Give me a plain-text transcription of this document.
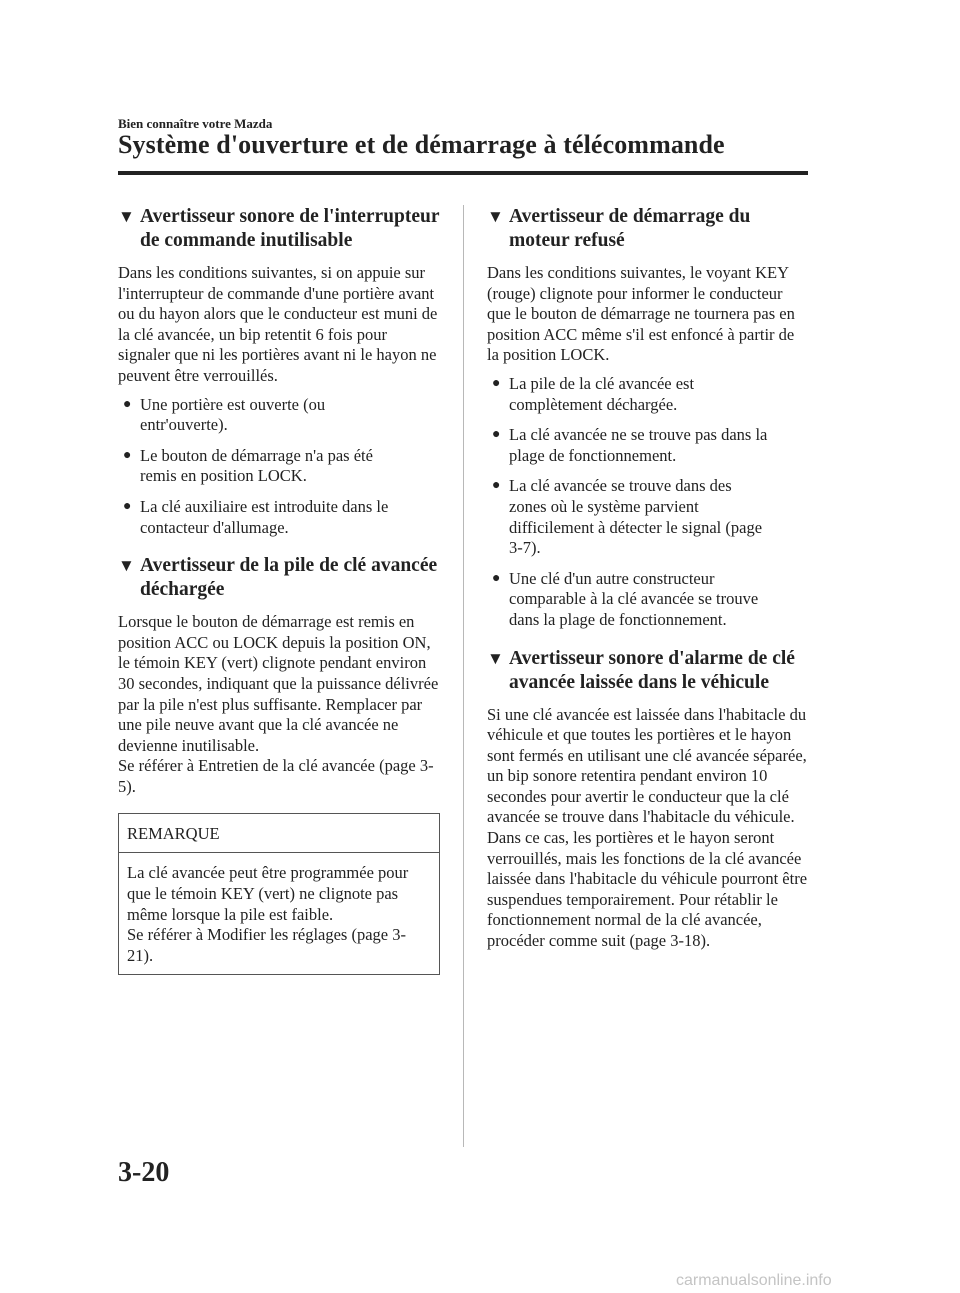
Bien connaître votre Mazda
Système d'ouverture et de démarrage à télécommande
▼ Avertisseur sonore de l'interrupteur de commande inutilisable

Dans les conditions suivantes, si on appuie sur l'interrupteur de commande d'une portière avant ou du hayon alors que le conducteur est muni de la clé avancée, un bip retentit 6 fois pour signaler que ni les portières avant ni le hayon ne peuvent être verrouillés.

● Une portière est ouverte (ou
entr'ouverte).
● Le bouton de démarrage n'a pas été
remis en position LOCK.
● La clé auxiliaire est introduite dans le
contacteur d'allumage.
▼ Avertisseur de la pile de clé avancée déchargée

Lorsque le bouton de démarrage est remis en position ACC ou LOCK depuis la position ON, le témoin KEY (vert) clignote pendant environ 30 secondes, indiquant que la puissance délivrée par la pile n'est plus suffisante. Remplacer par une pile neuve avant que la clé avancée ne devienne inutilisable.
Se référer à Entretien de la clé avancée (page 3-5).

REMARQUE
La clé avancée peut être programmée pour que le témoin KEY (vert) ne clignote pas même lorsque la pile est faible.
Se référer à Modifier les réglages (page 3-21).
▼ Avertisseur de démarrage du moteur refusé

Dans les conditions suivantes, le voyant KEY (rouge) clignote pour informer le conducteur que le bouton de démarrage ne tournera pas en position ACC même s'il est enfoncé à partir de la position LOCK.

● La pile de la clé avancée est
complètement déchargée.
● La clé avancée ne se trouve pas dans la
plage de fonctionnement.
● La clé avancée se trouve dans des
zones où le système parvient
difficilement à détecter le signal (page
3-7).
● Une clé d'un autre constructeur
comparable à la clé avancée se trouve
dans la plage de fonctionnement.
▼ Avertisseur sonore d'alarme de clé avancée laissée dans le véhicule

Si une clé avancée est laissée dans l'habitacle du véhicule et que toutes les portières et le hayon sont fermés en utilisant une clé avancée séparée, un bip sonore retentira pendant environ 10 secondes pour avertir le conducteur que la clé avancée se trouve dans l'habitacle du véhicule. Dans ce cas, les portières et le hayon seront verrouillés, mais les fonctions de la clé avancée laissée dans l'habitacle du véhicule pourront être suspendues temporairement. Pour rétablir le fonctionnement normal de la clé avancée, procéder comme suit (page 3-18).

3-20
carmanualsonline.info
